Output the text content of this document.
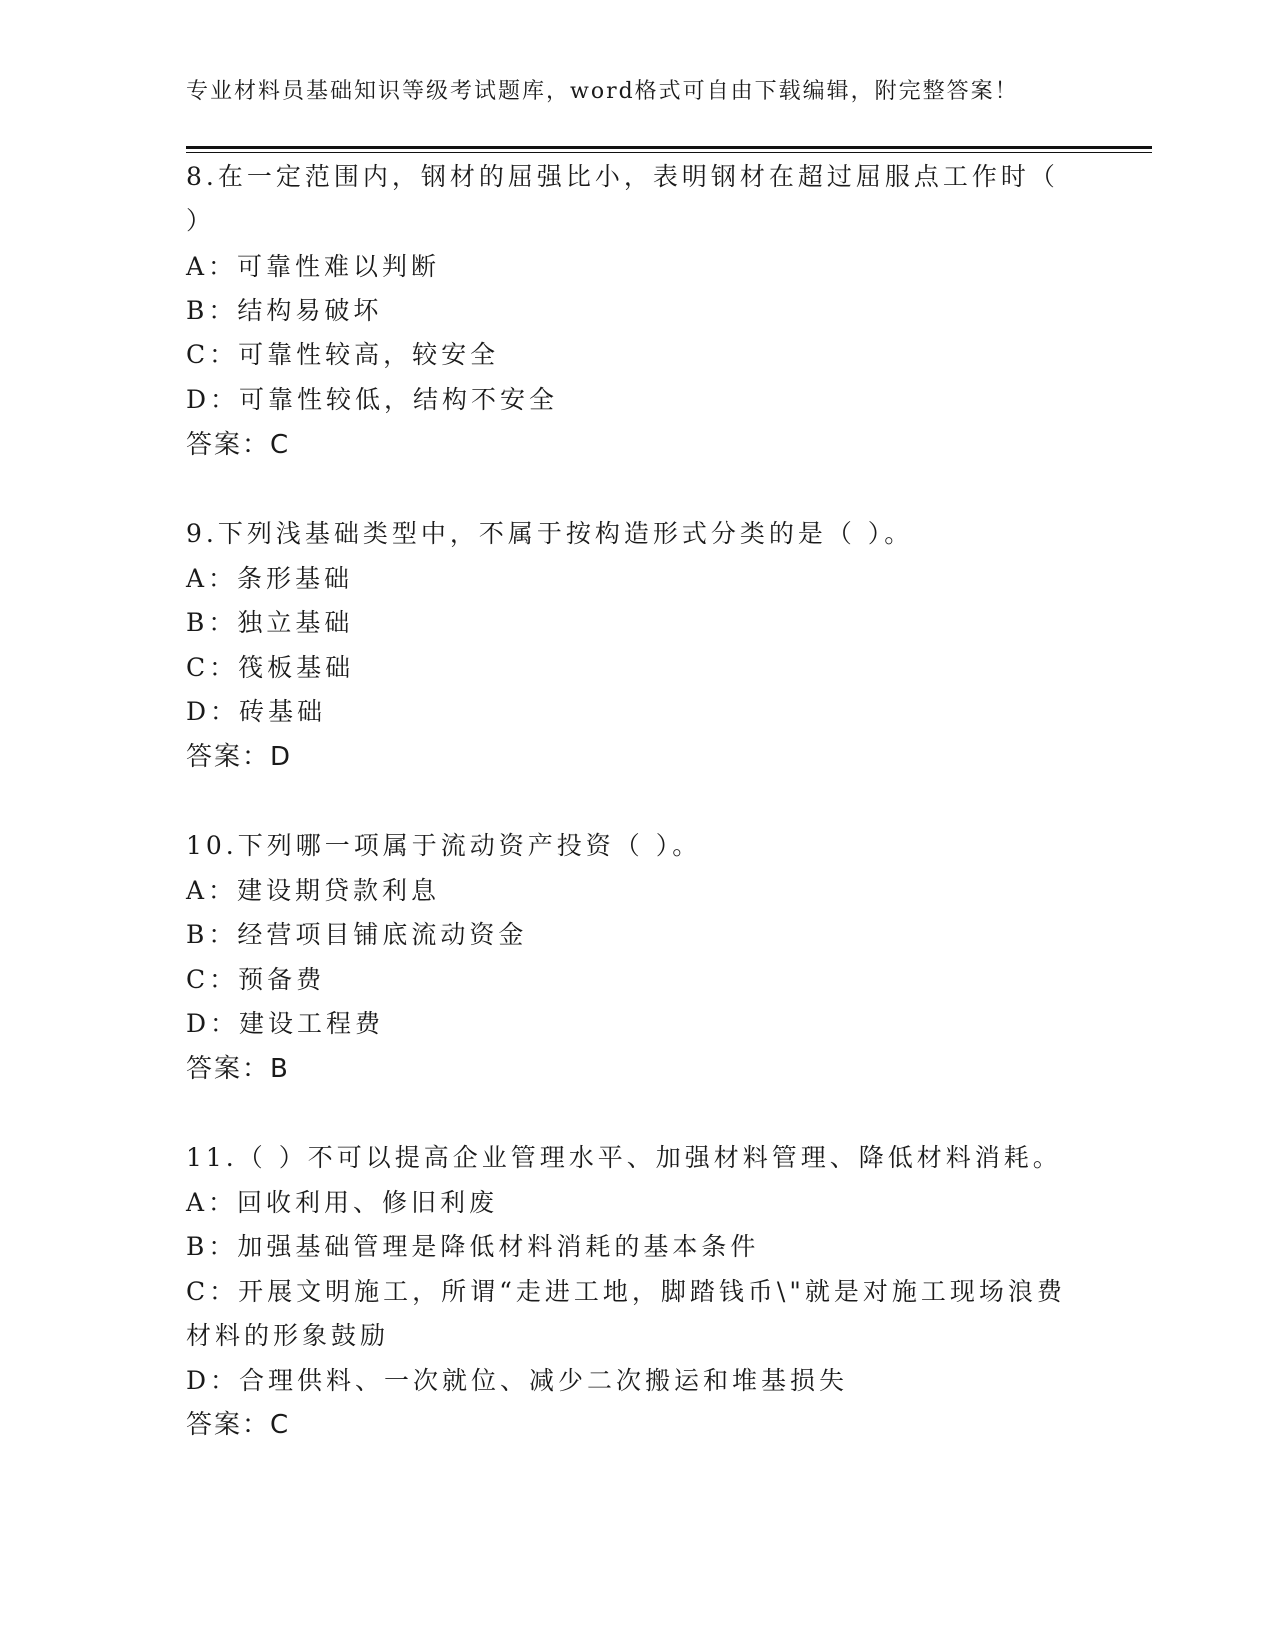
专业材料员基础知识等级考试题库，word格式可自由下载编辑，附完整答案！
8.在一定范围内，钢材的屈强比小，表明钢材在超过屈服点工作时（
）
A：可靠性难以判断
B：结构易破坏
C：可靠性较高，较安全
D：可靠性较低，结构不安全
答案：C
9.下列浅基础类型中，不属于按构造形式分类的是（ ）。
A：条形基础
B：独立基础
C：筏板基础
D：砖基础
答案：D
10.下列哪一项属于流动资产投资（ ）。
A：建设期贷款利息
B：经营项目铺底流动资金
C：预备费
D：建设工程费
答案：B
11.（ ）不可以提高企业管理水平、加强材料管理、降低材料消耗。
A：回收利用、修旧利废
B：加强基础管理是降低材料消耗的基本条件
C：开展文明施工，所谓“走进工地，脚踏钱币\"就是对施工现场浪费
材料的形象鼓励
D：合理供料、一次就位、减少二次搬运和堆基损失
答案：C
